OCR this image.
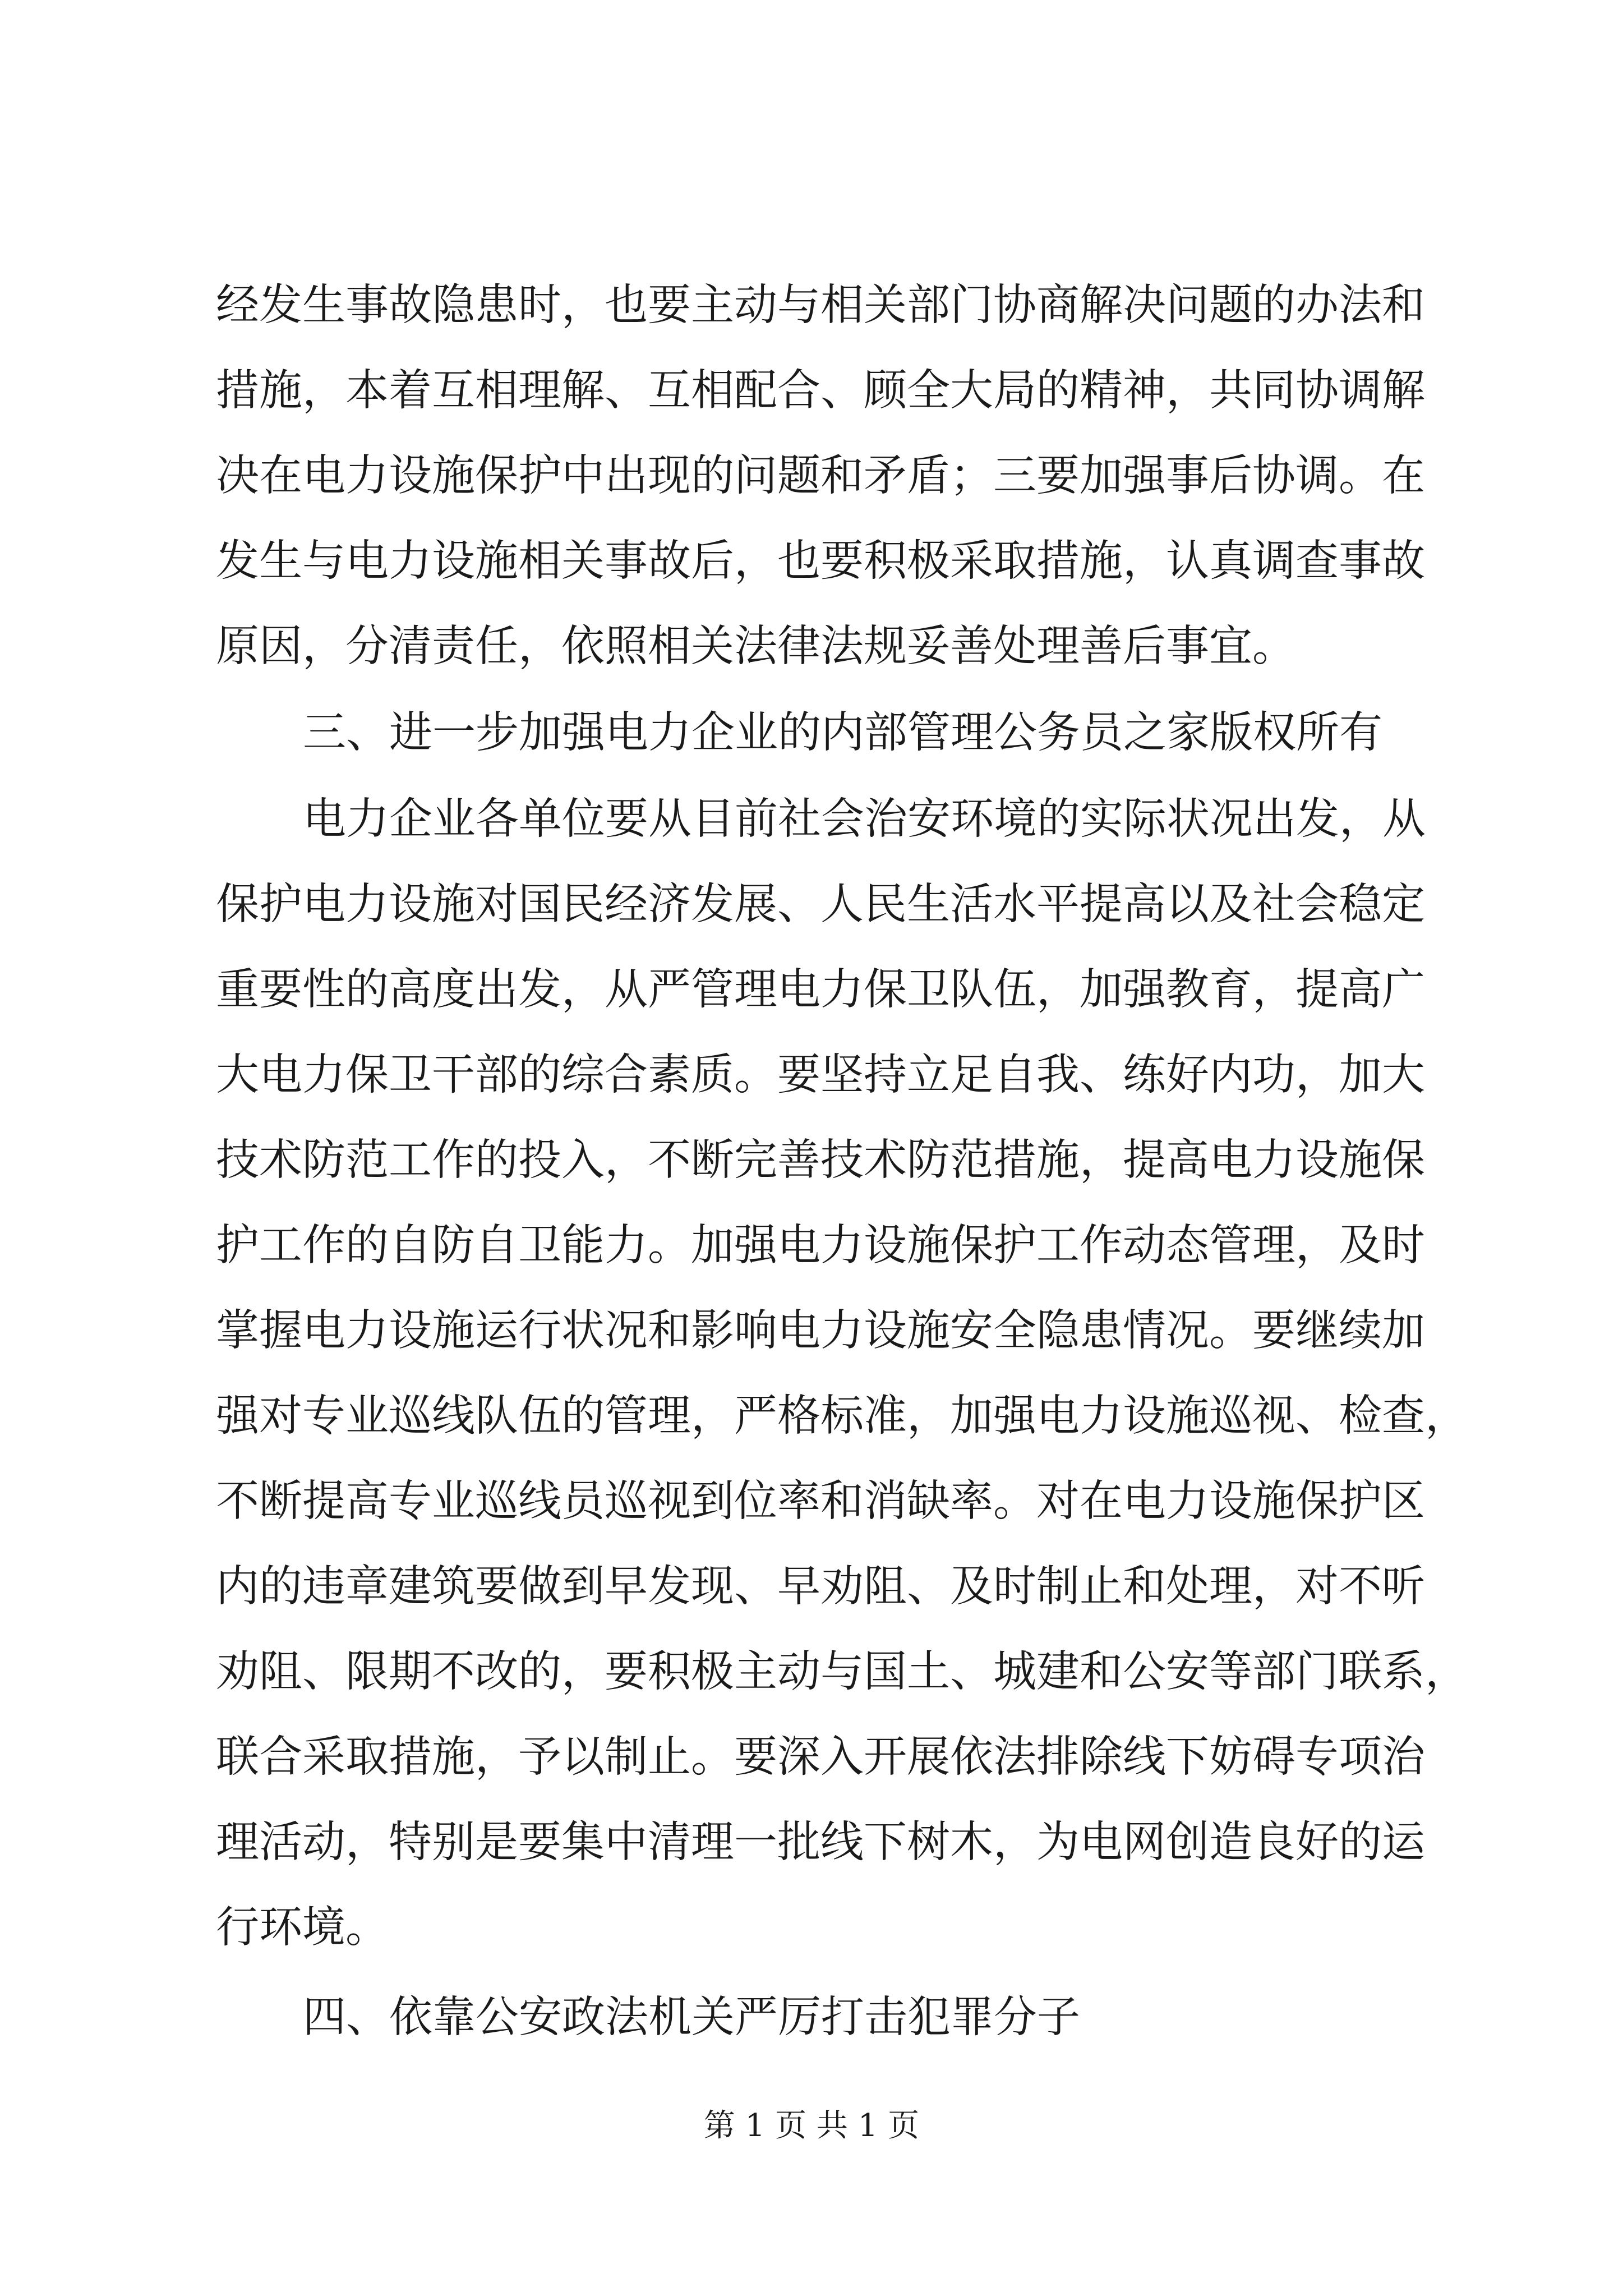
经发生事故隐患时，也要主动与相关部门协商解决问题的办法和
措施，本着互相理解、互相配合、顾全大局的精神，共同协调解
决在电力设施保护中出现的问题和矛盾；三要加强事后协调。在
发生与电力设施相关事故后，也要积极采取措施，认真调查事故
原因，分清责任，依照相关法律法规妥善处理善后事宜。
三、进一步加强电力企业的内部管理公务员之家版权所有
电力企业各单位要从目前社会治安环境的实际状况出发，从
保护电力设施对国民经济发展、人民生活水平提高以及社会稳定
重要性的高度出发，从严管理电力保卫队伍，加强教育，提高广
大电力保卫干部的综合素质。要坚持立足自我、练好内功，加大
技术防范工作的投入，不断完善技术防范措施，提高电力设施保
护工作的自防自卫能力。加强电力设施保护工作动态管理，及时
掌握电力设施运行状况和影响电力设施安全隐患情况。要继续加
强对专业巡线队伍的管理，严格标准，加强电力设施巡视、检查，
不断提高专业巡线员巡视到位率和消缺率。对在电力设施保护区
内的违章建筑要做到早发现、早劝阻、及时制止和处理，对不听
劝阻、限期不改的，要积极主动与国土、城建和公安等部门联系，
联合采取措施，予以制止。要深入开展依法排除线下妨碍专项治
理活动，特别是要集中清理一批线下树木，为电网创造良好的运
行环境。
四、依靠公安政法机关严厉打击犯罪分子
第 1 页 共 1 页
